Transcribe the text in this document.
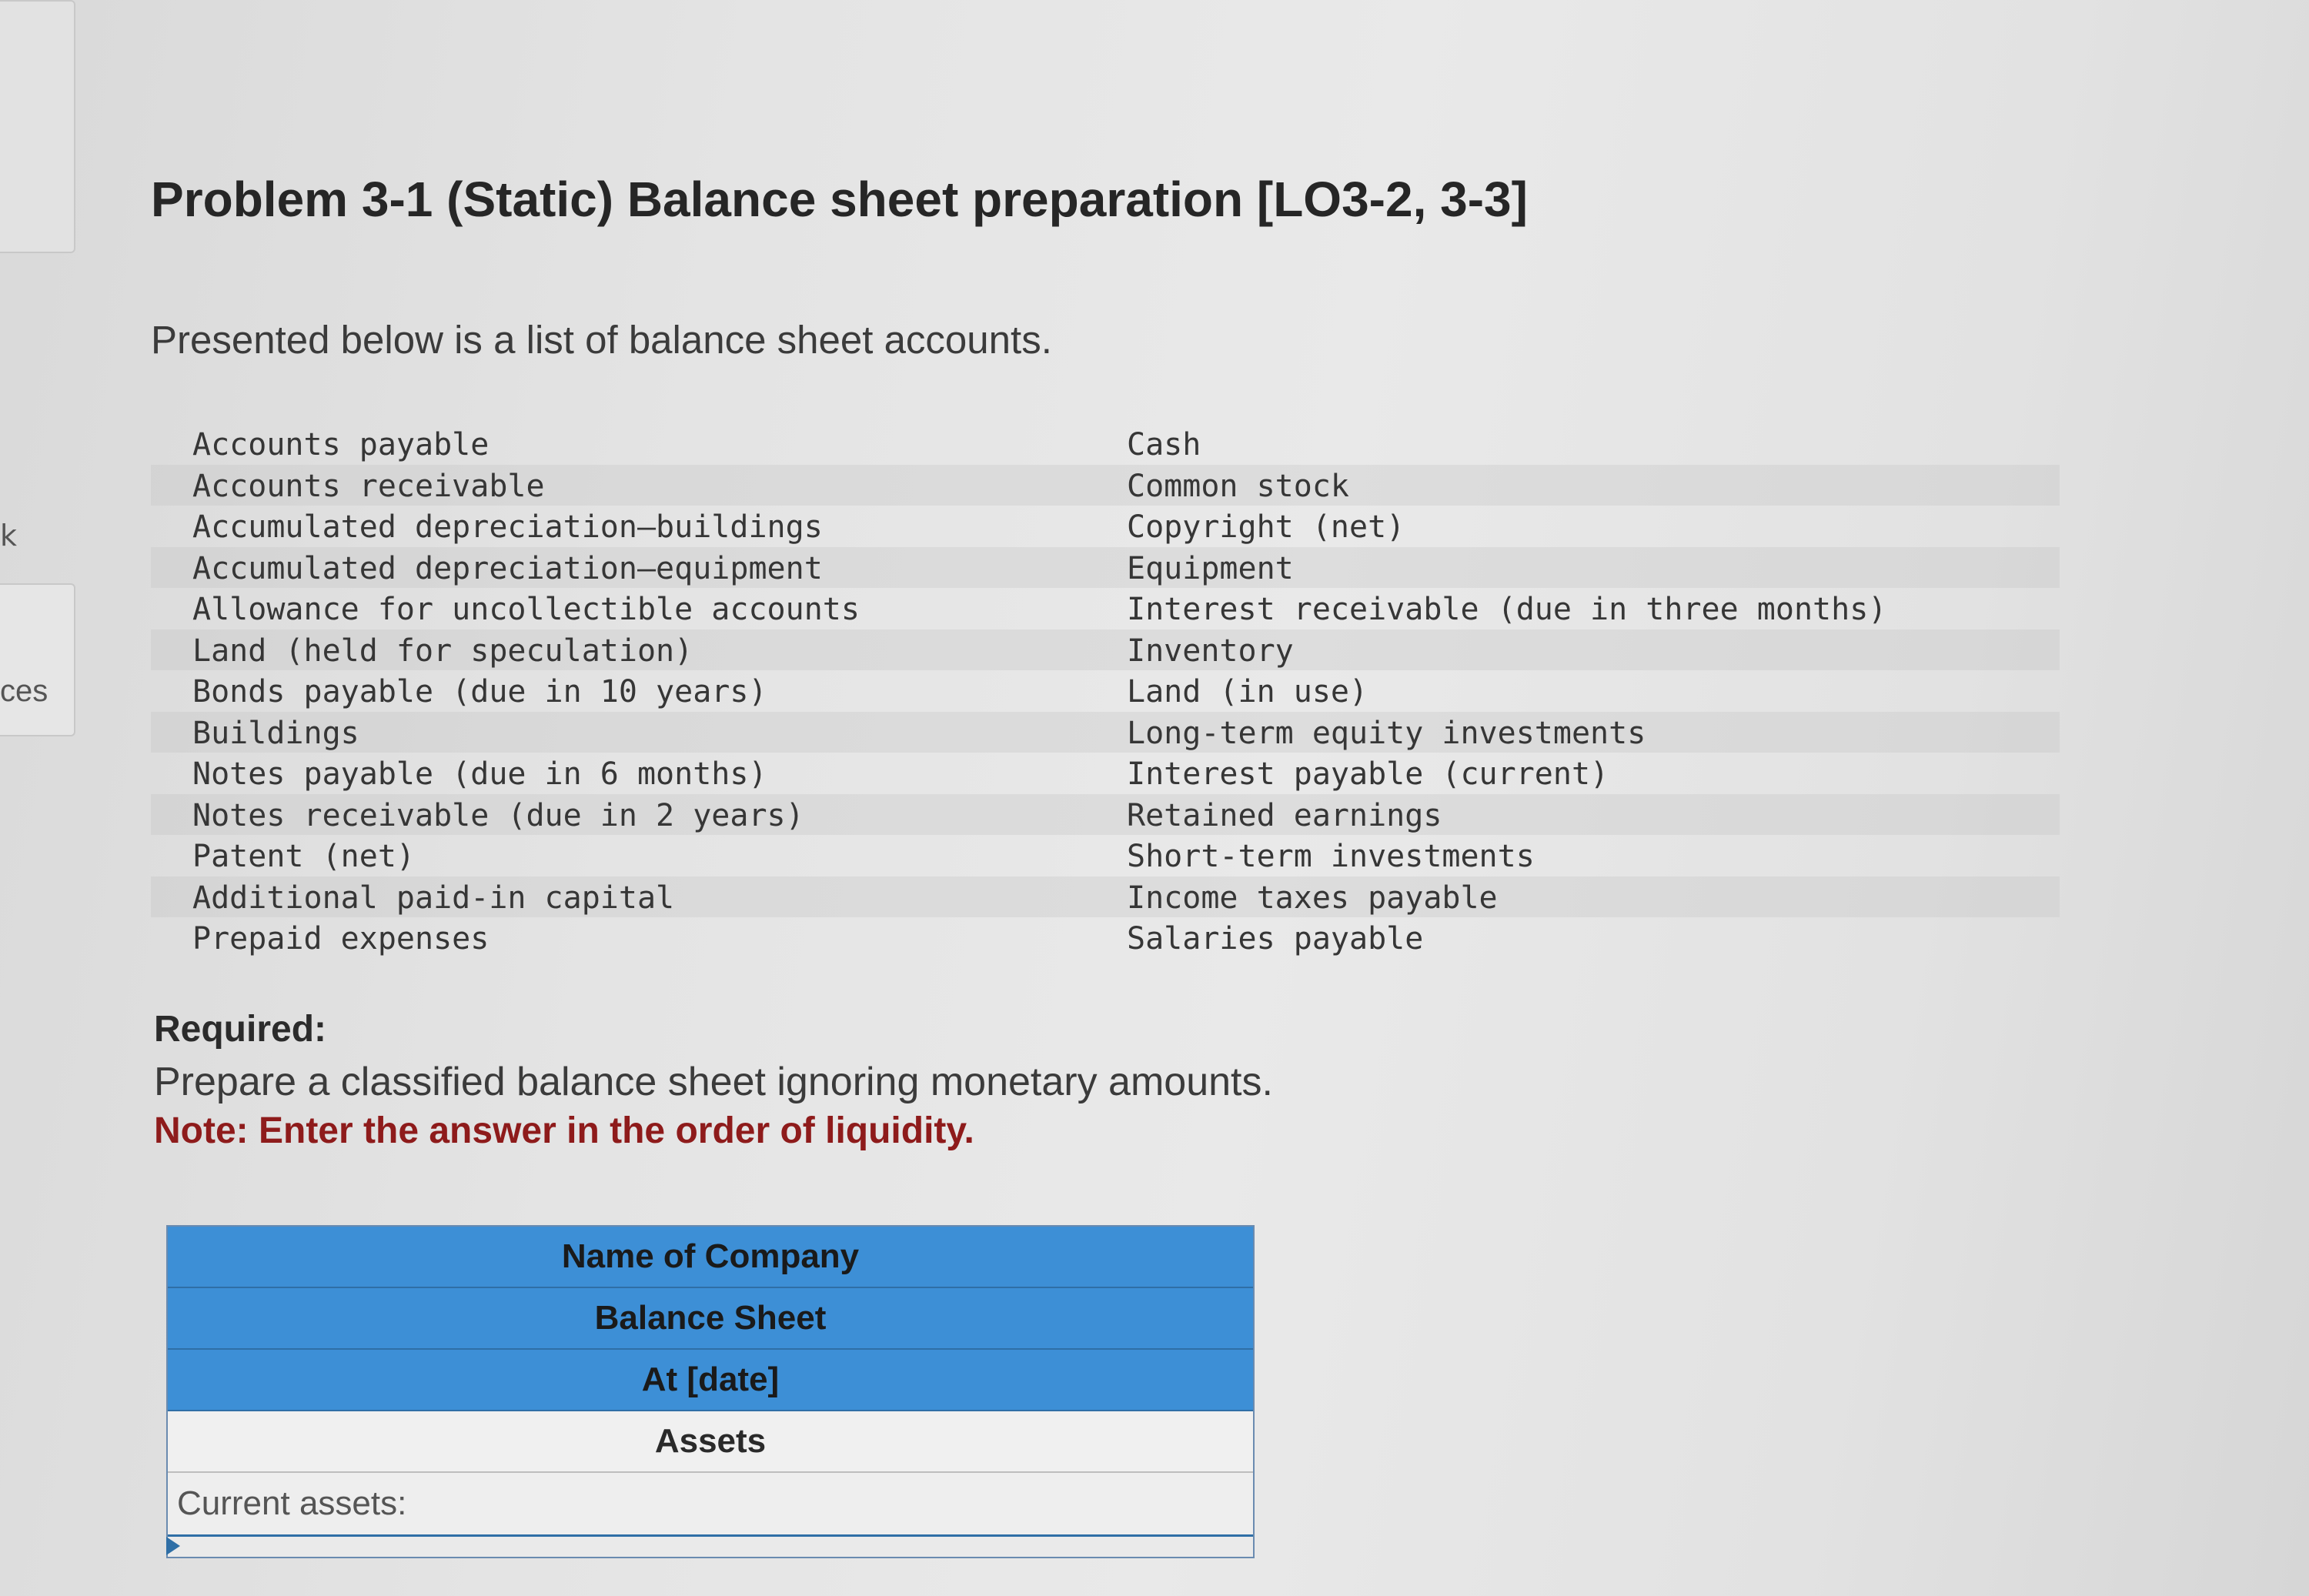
k
ces
Problem 3-1 (Static) Balance sheet preparation [LO3-2, 3-3]

Presented below is a list of balance sheet accounts.

Accounts payable	Cash
Accounts receivable	Common stock
Accumulated depreciation—buildings	Copyright (net)
Accumulated depreciation—equipment	Equipment
Allowance for uncollectible accounts	Interest receivable (due in three months)
Land (held for speculation)	Inventory
Bonds payable (due in 10 years)	Land (in use)
Buildings	Long-term equity investments
Notes payable (due in 6 months)	Interest payable (current)
Notes receivable (due in 2 years)	Retained earnings
Patent (net)	Short-term investments
Additional paid-in capital	Income taxes payable
Prepaid expenses	Salaries payable

Required:

Prepare a classified balance sheet ignoring monetary amounts.

Note: Enter the answer in the order of liquidity.

Name of Company
Balance Sheet
At [date]
Assets
Current assets:
